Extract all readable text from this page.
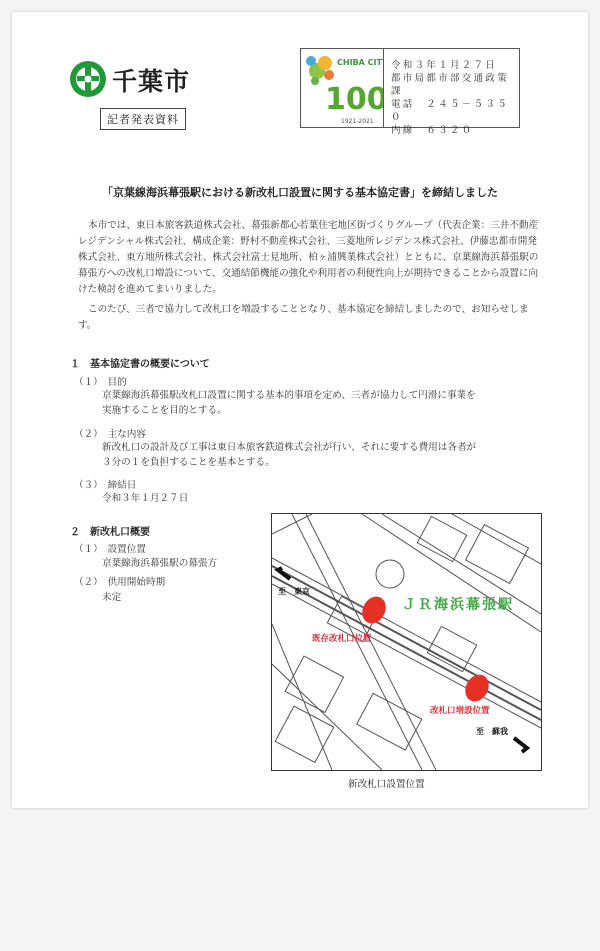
千葉市
記者発表資料
CHIBA CITY
100
1921-2021
令和３年１月２７日
都市局都市部交通政策課
電話　２４５－５３５０
内線　６３２０
「京葉線海浜幕張駅における新改札口設置に関する基本協定書」を締結しました
本市では、東日本旅客鉄道株式会社、幕張新都心若葉住宅地区街づくりグループ（代表企業：三井不動産レジデンシャル株式会社、構成企業：野村不動産株式会社、三菱地所レジデンス株式会社、伊藤忠都市開発株式会社、東方地所株式会社、株式会社富士見地所、柏ヶ浦興業株式会社）とともに、京葉線海浜幕張駅の幕張方への改札口増設について、交通結節機能の強化や利用者の利便性向上が期待できることから設置に向けた検討を進めてまいりました。
このたび、三者で協力して改札口を増設することとなり、基本協定を締結しましたので、お知らせします。
１　基本協定書の概要について
（１）　目的
京葉線海浜幕張駅改札口設置に関する基本的事項を定め、三者が協力して円滑に事業を
実施することを目的とする。
（２）　主な内容
新改札口の設計及び工事は東日本旅客鉄道株式会社が行い、それに要する費用は各者が
３分の１を負担することを基本とする。
（３）　締結日
令和３年１月２７日
２　新改札口概要
（１）　設置位置
京葉線海浜幕張駅の幕張方
（２）　供用開始時期
未定	ＪＲ海浜幕張駅
既存改札口位置
改札口増設位置
至　東京
至　蘇我
新改札口設置位置
